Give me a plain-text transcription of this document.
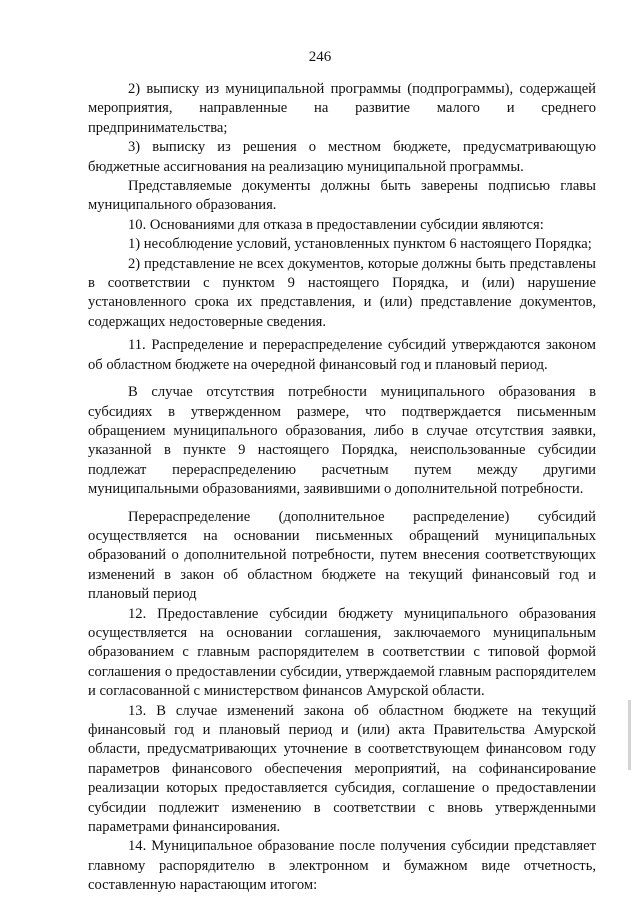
246

2) выписку из муниципальной программы (подпрограммы), содержащей мероприятия, направленные на развитие малого и среднего предпринимательства;

3) выписку из решения о местном бюджете, предусматривающую бюджетные ассигнования на реализацию муниципальной программы.

Представляемые документы должны быть заверены подписью главы муниципального образования.

10. Основаниями для отказа в предоставлении субсидии являются:

1) несоблюдение условий, установленных пунктом 6 настоящего Порядка;

2) представление не всех документов, которые должны быть представлены в соответствии с пунктом 9 настоящего Порядка, и (или) нарушение установленного срока их представления, и (или) представление документов, содержащих недостоверные сведения.

11. Распределение и перераспределение субсидий утверждаются законом об областном бюджете на очередной финансовый год и плановый период.

В случае отсутствия потребности муниципального образования в субсидиях в утвержденном размере, что подтверждается письменным обращением муниципального образования, либо в случае отсутствия заявки, указанной в пункте 9 настоящего Порядка, неиспользованные субсидии подлежат перераспределению расчетным путем между другими муниципальными образованиями, заявившими о дополнительной потребности.

Перераспределение (дополнительное распределение) субсидий осуществляется на основании письменных обращений муниципальных образований о дополнительной потребности, путем внесения соответствующих изменений в закон об областном бюджете на текущий финансовый год и плановый период

12. Предоставление субсидии бюджету муниципального образования осуществляется на основании соглашения, заключаемого муниципальным образованием с главным распорядителем в соответствии с типовой формой соглашения о предоставлении субсидии, утверждаемой главным распорядителем и согласованной с министерством финансов Амурской области.

13. В случае изменений закона об областном бюджете на текущий финансовый год и плановый период и (или) акта Правительства Амурской области, предусматривающих уточнение в соответствующем финансовом году параметров финансового обеспечения мероприятий, на софинансирование реализации которых предоставляется субсидия, соглашение о предоставлении субсидии подлежит изменению в соответствии с вновь утвержденными параметрами финансирования.

14. Муниципальное образование после получения субсидии представляет главному распорядителю в электронном и бумажном виде отчетность, составленную нарастающим итогом:
